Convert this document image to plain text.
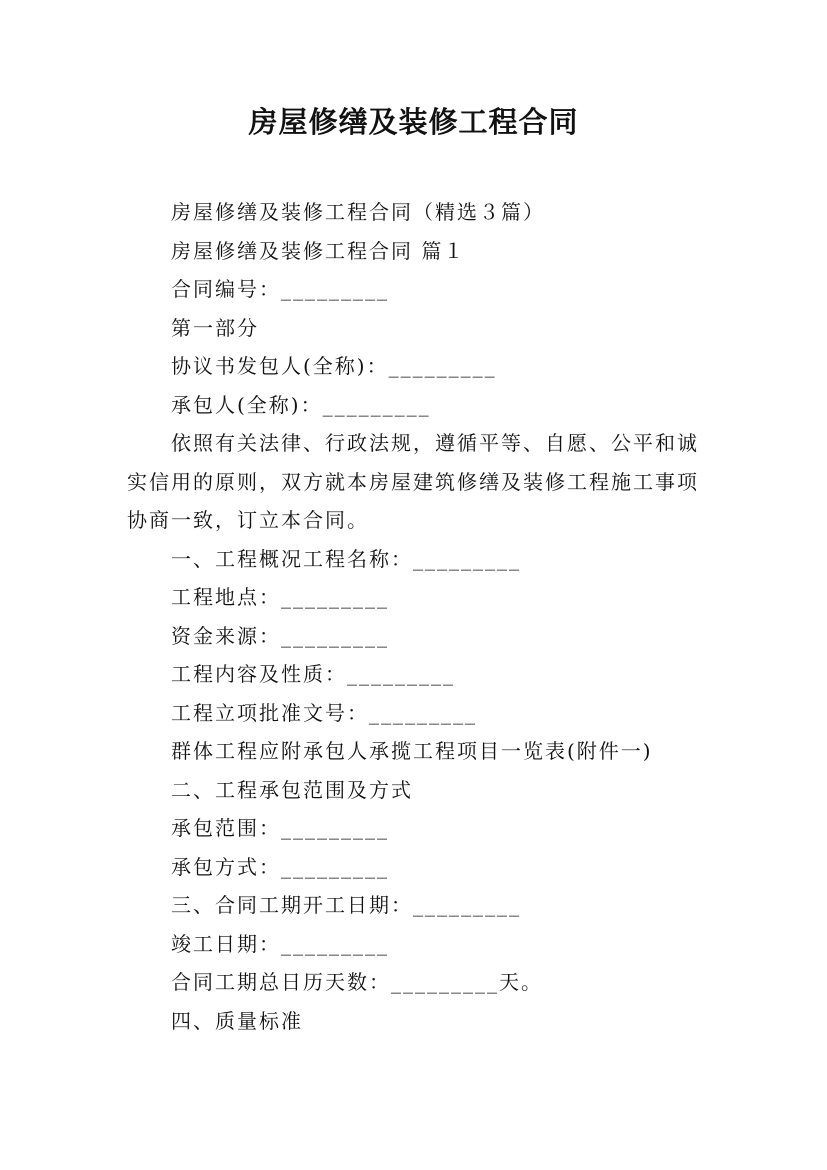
房屋修缮及装修工程合同

房屋修缮及装修工程合同（精选３篇）

房屋修缮及装修工程合同 篇１

合同编号：_________

第一部分

协议书发包人(全称)：_________

承包人(全称)：_________

依照有关法律、行政法规，遵循平等、自愿、公平和诚实信用的原则，双方就本房屋建筑修缮及装修工程施工事项协商一致，订立本合同。

一、工程概况工程名称：_________

工程地点：_________

资金来源：_________

工程内容及性质：_________

工程立项批准文号：_________

群体工程应附承包人承揽工程项目一览表(附件一)

二、工程承包范围及方式

承包范围：_________

承包方式：_________

三、合同工期开工日期：_________

竣工日期：_________

合同工期总日历天数：_________天。

四、质量标准
